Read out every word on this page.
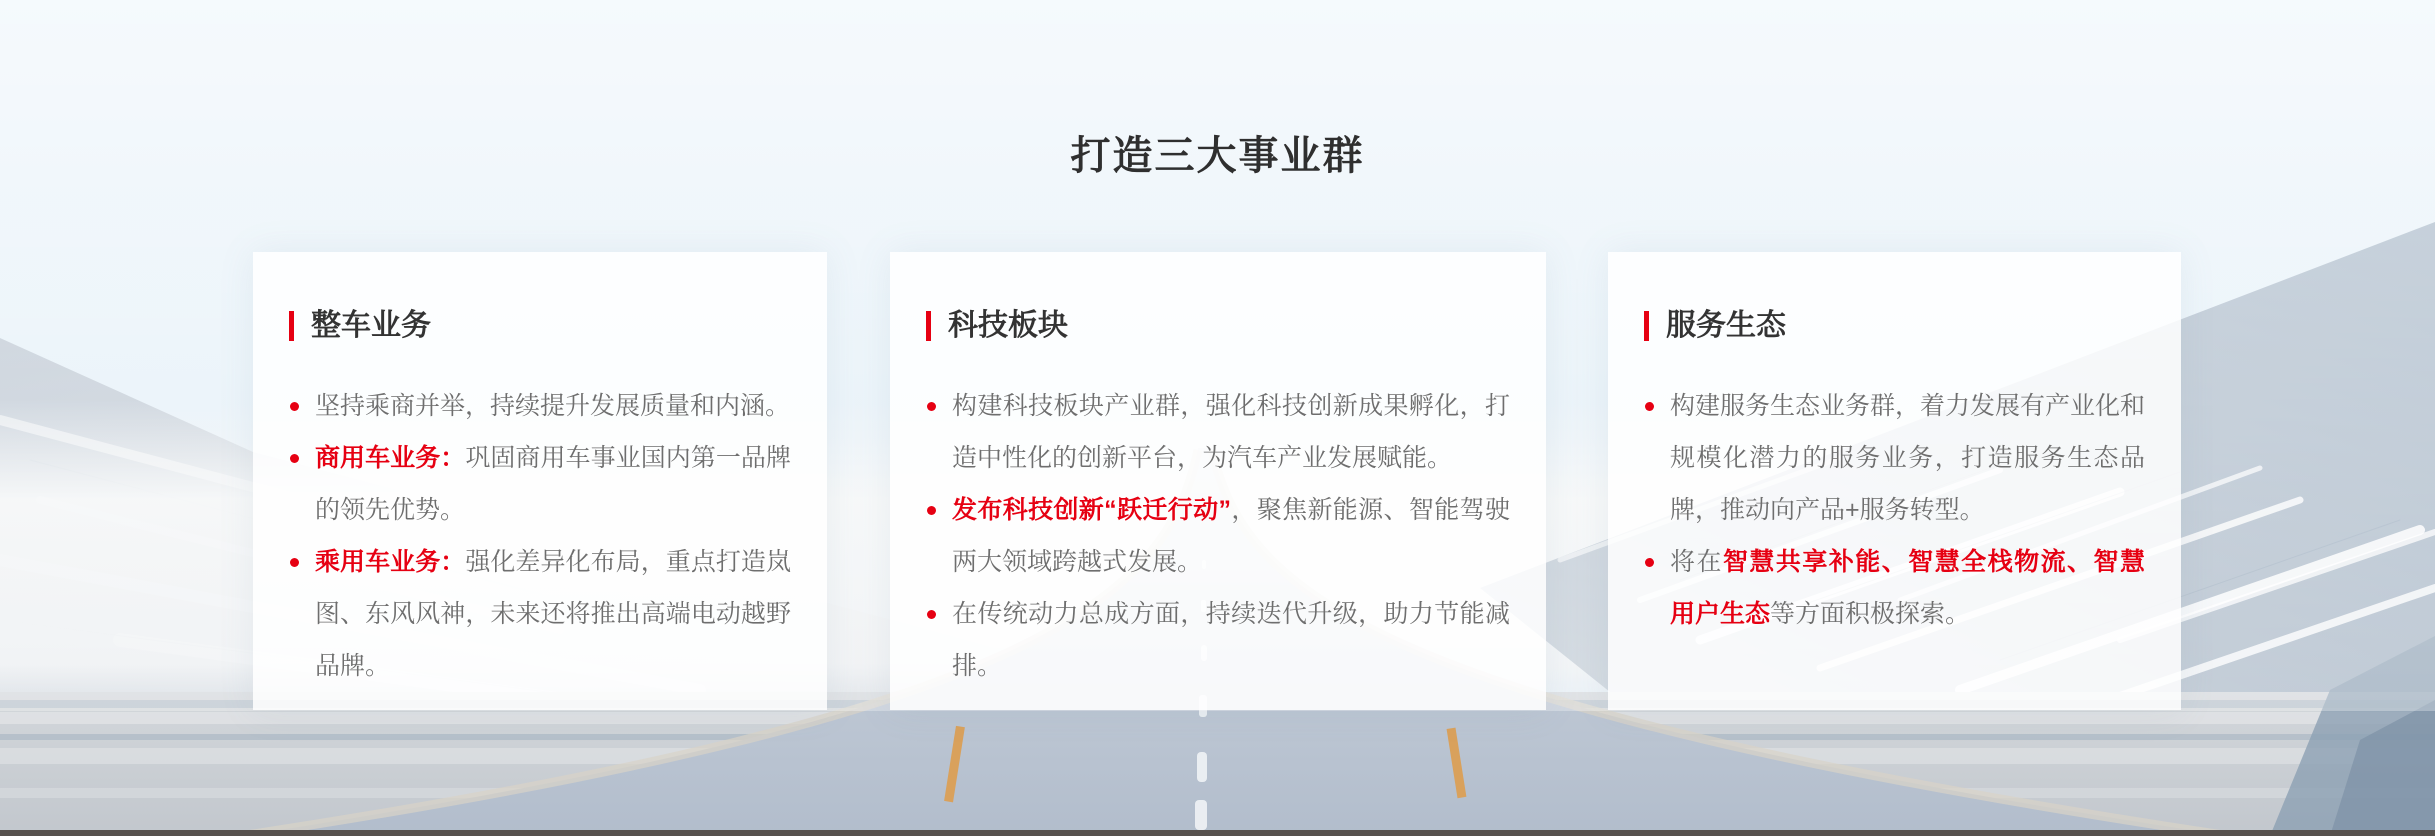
打造三大事业群
整车业务
坚持乘商并举，持续提升发展质量和内涵。
商用车业务：巩固商用车事业国内第一品牌的领先优势。
乘用车业务：强化差异化布局，重点打造岚图、东风风神，未来还将推出高端电动越野品牌。
科技板块
构建科技板块产业群，强化科技创新成果孵化，打造中性化的创新平台，为汽车产业发展赋能。
发布科技创新“跃迁行动”，聚焦新能源、智能驾驶两大领域跨越式发展。
在传统动力总成方面，持续迭代升级，助力节能减排。
服务生态
构建服务生态业务群，着力发展有产业化和规模化潜力的服务业务，打造服务生态品牌，推动向产品+服务转型。
将在智慧共享补能、智慧全栈物流、智慧用户生态等方面积极探索。
